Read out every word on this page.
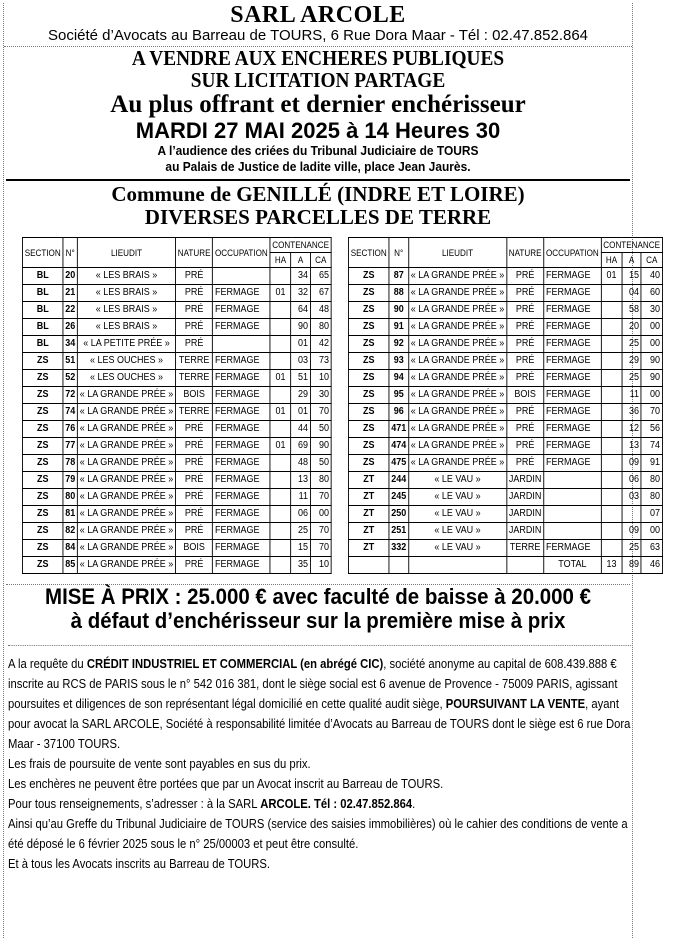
SARL ARCOLE
Société d’Avocats au Barreau de TOURS, 6 Rue Dora Maar - Tél : 02.47.852.864
A VENDRE AUX ENCHERES PUBLIQUES
SUR LICITATION PARTAGE
Au plus offrant et dernier enchérisseur
MARDI 27 MAI 2025 à 14 Heures 30
A l’audience des criées du Tribunal Judiciaire de TOURS
au Palais de Justice de ladite ville, place Jean Jaurès.
Commune de GENILLÉ (INDRE ET LOIRE)
DIVERSES PARCELLES DE TERRE
SECTION	N°	LIEUDIT	NATURE	OCCUPATION	CONTENANCE		
					HA	A	CA
BL	20	« LES BRAIS »	PRÉ			34	65
BL	21	« LES BRAIS »	PRÉ	FERMAGE	01	32	67
BL	22	« LES BRAIS »	PRÉ	FERMAGE		64	48
BL	26	« LES BRAIS »	PRÉ	FERMAGE		90	80
BL	34	« LA PETITE PRÉE »	PRÉ			01	42
ZS	51	« LES OUCHES »	TERRE	FERMAGE		03	73
ZS	52	« LES OUCHES »	TERRE	FERMAGE	01	51	10
ZS	72	« LA GRANDE PRÉE »	BOIS	FERMAGE		29	30
ZS	74	« LA GRANDE PRÉE »	TERRE	FERMAGE	01	01	70
ZS	76	« LA GRANDE PRÉE »	PRÉ	FERMAGE		44	50
ZS	77	« LA GRANDE PRÉE »	PRÉ	FERMAGE	01	69	90
ZS	78	« LA GRANDE PRÉE »	PRÉ	FERMAGE		48	50
ZS	79	« LA GRANDE PRÉE »	PRÉ	FERMAGE		13	80
ZS	80	« LA GRANDE PRÉE »	PRÉ	FERMAGE		11	70
ZS	81	« LA GRANDE PRÉE »	PRÉ	FERMAGE		06	00
ZS	82	« LA GRANDE PRÉE »	PRÉ	FERMAGE		25	70
ZS	84	« LA GRANDE PRÉE »	BOIS	FERMAGE		15	70
ZS	85	« LA GRANDE PRÉE »	PRÉ	FERMAGE		35	10
SECTION	N°	LIEUDIT	NATURE	OCCUPATION	CONTENANCE		
					HA	A	CA
ZS	87	« LA GRANDE PRÉE »	PRÉ	FERMAGE	01	15	40
ZS	88	« LA GRANDE PRÉE »	PRÉ	FERMAGE		04	60
ZS	90	« LA GRANDE PRÉE »	PRÉ	FERMAGE		58	30
ZS	91	« LA GRANDE PRÉE »	PRÉ	FERMAGE		20	00
ZS	92	« LA GRANDE PRÉE »	PRÉ	FERMAGE		25	00
ZS	93	« LA GRANDE PRÉE »	PRÉ	FERMAGE		29	90
ZS	94	« LA GRANDE PRÉE »	PRÉ	FERMAGE		25	90
ZS	95	« LA GRANDE PRÉE »	BOIS	FERMAGE		11	00
ZS	96	« LA GRANDE PRÉE »	PRÉ	FERMAGE		36	70
ZS	471	« LA GRANDE PRÉE »	PRÉ	FERMAGE		12	56
ZS	474	« LA GRANDE PRÉE »	PRÉ	FERMAGE		13	74
ZS	475	« LA GRANDE PRÉE »	PRÉ	FERMAGE		09	91
ZT	244	« LE VAU »	JARDIN			06	80
ZT	245	« LE VAU »	JARDIN			03	80
ZT	250	« LE VAU »	JARDIN				07
ZT	251	« LE VAU »	JARDIN			09	00
ZT	332	« LE VAU »	TERRE	FERMAGE		25	63
				TOTAL	13	89	46
MISE À PRIX : 25.000 € avec faculté de baisse à 20.000 €
à défaut d’enchérisseur sur la première mise à prix

A la requête du CRÉDIT INDUSTRIEL ET COMMERCIAL (en abrégé CIC), société anonyme au capital de 608.439.888 € inscrite au RCS de PARIS sous le n° 542 016 381, dont le siège social est 6 avenue de Provence - 75009 PARIS, agissant poursuites et diligences de son représentant légal domicilié en cette qualité audit siège, POURSUIVANT LA VENTE, ayant pour avocat la SARL ARCOLE, Société à responsabilité limitée d’Avocats au Barreau de TOURS dont le siège est 6 rue Dora Maar - 37100 TOURS.

Les frais de poursuite de vente sont payables en sus du prix.

Les enchères ne peuvent être portées que par un Avocat inscrit au Barreau de TOURS.

Pour tous renseignements, s’adresser : à la SARL ARCOLE. Tél : 02.47.852.864.

Ainsi qu’au Greffe du Tribunal Judiciaire de TOURS (service des saisies immobilières) où le cahier des conditions de vente a été déposé le 6 février 2025 sous le n° 25/00003 et peut être consulté.

Et à tous les Avocats inscrits au Barreau de TOURS.
